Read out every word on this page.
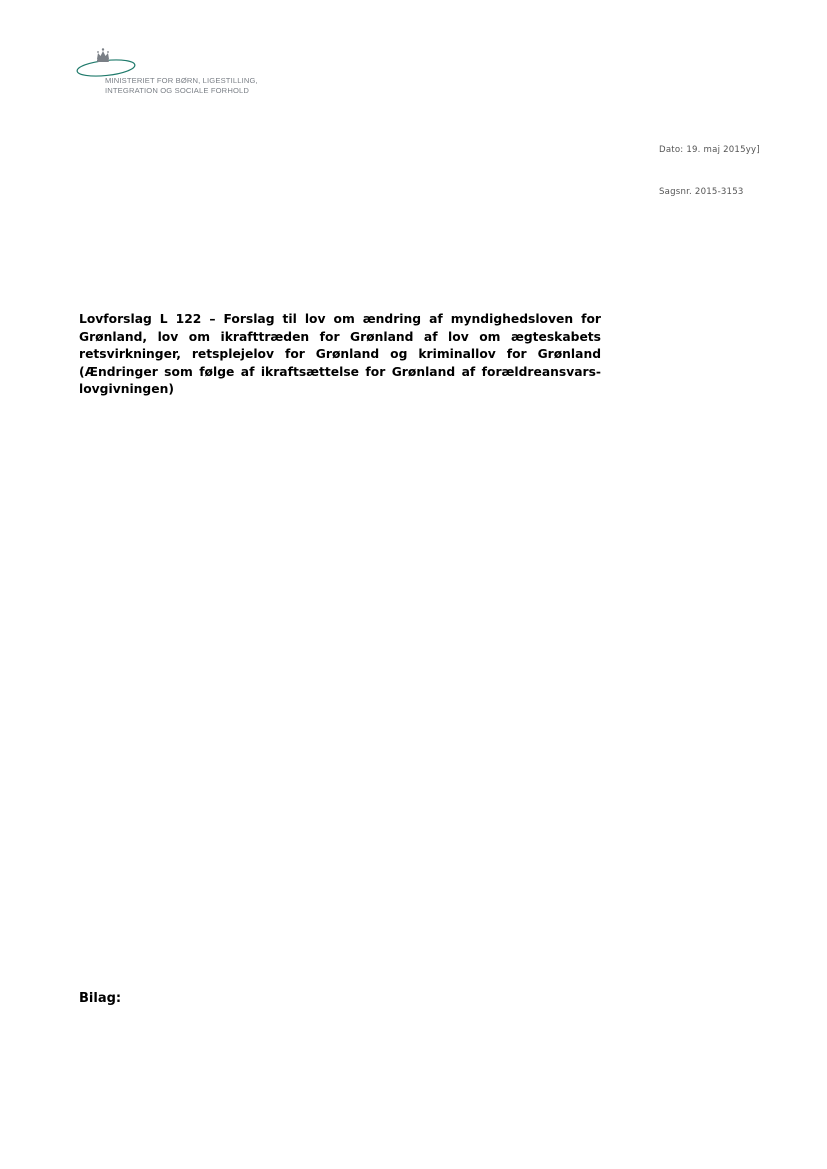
MINISTERIET FOR BØRN, LIGESTILLING,
INTEGRATION OG SOCIALE FORHOLD
Dato: 19. maj 2015yy]
Sagsnr. 2015-3153
Lovforslag L 122 – Forslag til lov om ændring af myndighedsloven for Grønland, lov om ikrafttræden for Grønland af lov om ægteskabets retsvirkninger, retsplejelov for Grønland og kriminallov for Grønland (Ændringer som følge af ikraftsættelse for Grønland af forældreansvars-lovgivningen)
Bilag:
